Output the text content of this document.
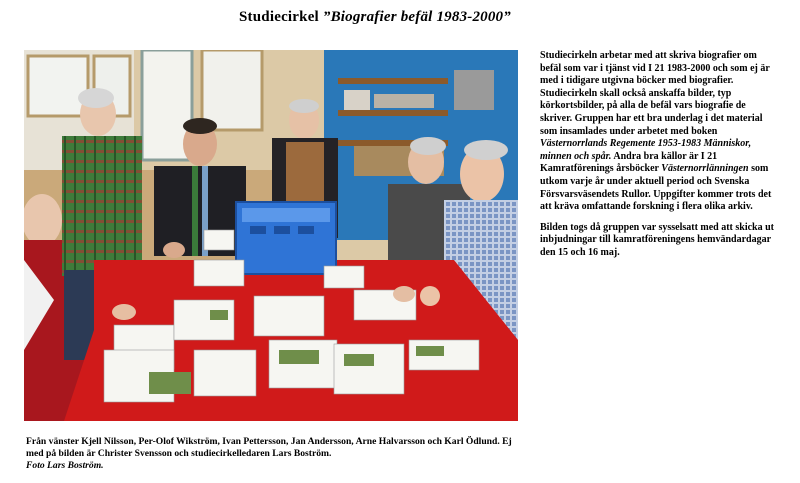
Studiecirkel ”Biografier befäl 1983-2000”

Studiecirkeln arbetar med att skriva biografier om befäl som var i tjänst vid I 21 1983-2000 och som ej är med i tidigare utgivna böcker med biografier. Studiecirkeln skall också anskaffa bilder, typ körkortsbilder, på alla de befäl vars biografie de skriver. Gruppen har ett bra underlag i det material som insamlades under arbetet med boken Västernorrlands Regemente 1953-1983 Människor, minnen och spår. Andra bra källor är I 21 Kamratförenings årsböcker Västernorrlänningen som utkom varje år under aktuell period och Svenska Försvarsväsendets Rullor. Uppgifter kommer trots det att kräva omfattande forskning i flera olika arkiv.

Bilden togs då gruppen var sysselsatt med att skicka ut inbjudningar till kamratföreningens hemvändardagar den 15 och 16 maj.

Från vänster Kjell Nilsson, Per-Olof Wikström, Ivan Pettersson, Jan Andersson, Arne Halvarsson och Karl Ödlund. Ej med på bilden är Christer Svensson och studiecirkelledaren Lars Boström.
Foto Lars Boström.
